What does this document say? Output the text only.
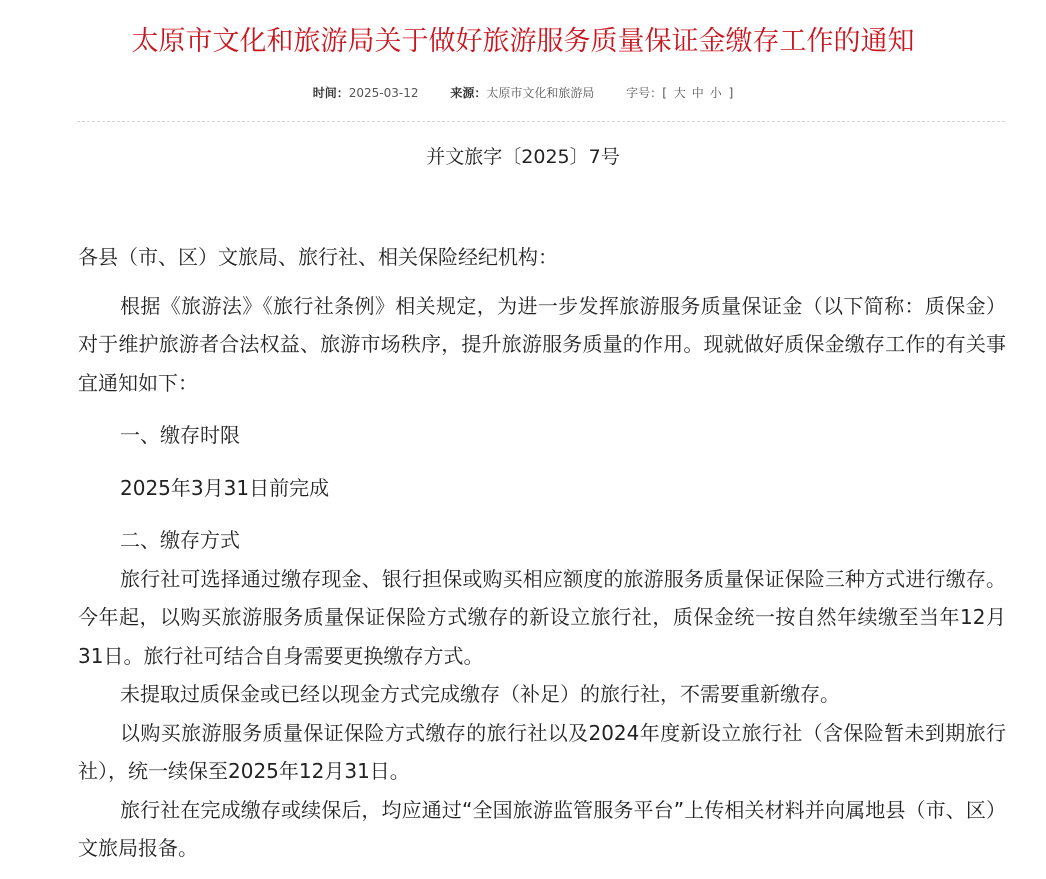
太原市文化和旅游局关于做好旅游服务质量保证金缴存工作的通知
时间：2025-03-12	来源：太原市文化和旅游局	字号：[ 大 中 小 ]
并文旅字〔2025〕7号

各县（市、区）文旅局、旅行社、相关保险经纪机构：

根据《旅游法》《旅行社条例》相关规定，为进一步发挥旅游服务质量保证金（以下简称：质保金）对于维护旅游者合法权益、旅游市场秩序，提升旅游服务质量的作用。现就做好质保金缴存工作的有关事宜通知如下：

一、缴存时限

2025年3月31日前完成

二、缴存方式

旅行社可选择通过缴存现金、银行担保或购买相应额度的旅游服务质量保证保险三种方式进行缴存。今年起，以购买旅游服务质量保证保险方式缴存的新设立旅行社，质保金统一按自然年续缴至当年12月31日。旅行社可结合自身需要更换缴存方式。

未提取过质保金或已经以现金方式完成缴存（补足）的旅行社，不需要重新缴存。

以购买旅游服务质量保证保险方式缴存的旅行社以及2024年度新设立旅行社（含保险暂未到期旅行社），统一续保至2025年12月31日。

旅行社在完成缴存或续保后，均应通过“全国旅游监管服务平台”上传相关材料并向属地县（市、区）文旅局报备。
